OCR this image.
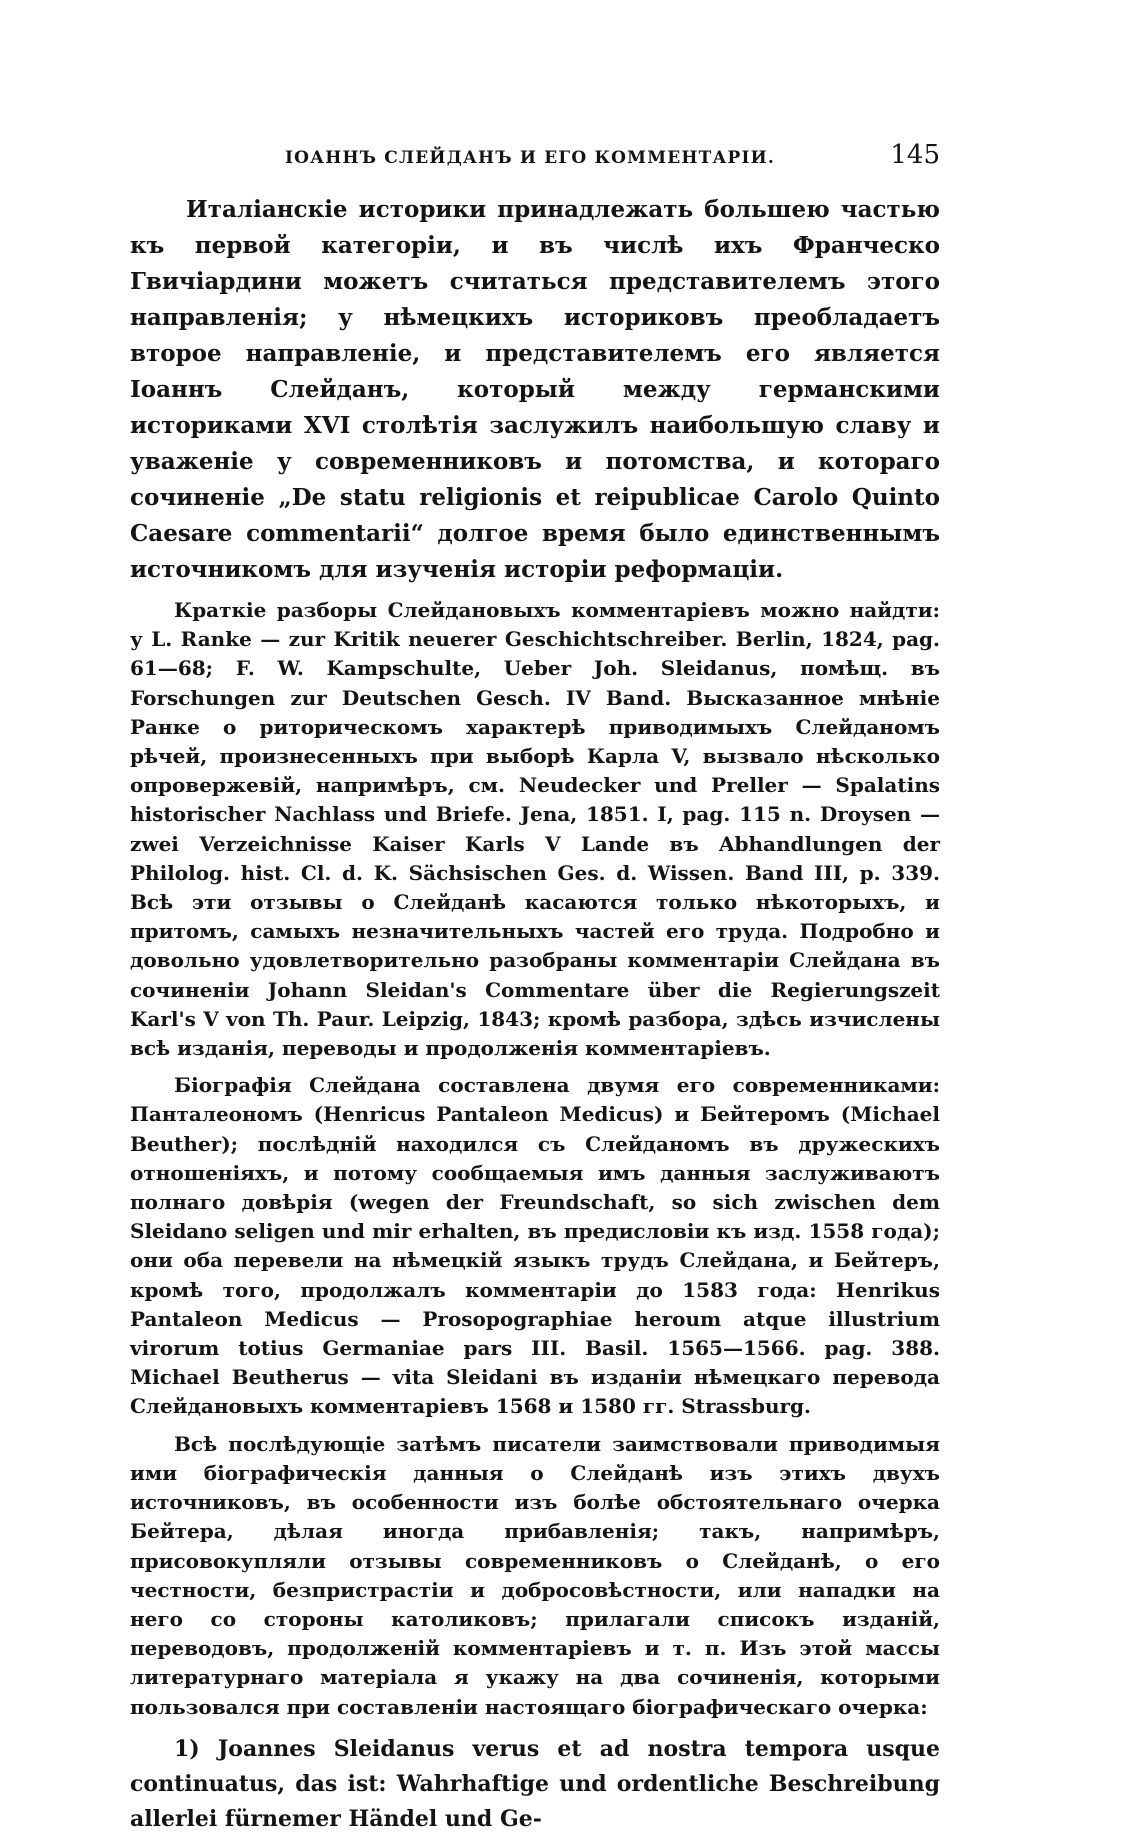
IОАННЪ СЛЕЙДАНЪ И ЕГО КОММЕНТАРІИ.	145

Италіанскіе историки принадлежать большею частью къ первой категоріи, и въ числѣ ихъ Франческо Гвичіардини можетъ считаться представителемъ этого направленія; у нѣмецкихъ историковъ преобладаетъ второе направленіе, и представителемъ его является Іоаннъ Слейданъ, который между германскими историками XVI столѣтія заслужилъ наибольшую славу и уваженіе у современниковъ и потомства, и котораго сочиненіе „De statu religionis et reipublicae Carolo Quinto Caesare commentarii“ долгое время было единственнымъ источникомъ для изученія исторіи реформаціи.

Краткіе разборы Слейдановыхъ комментаріевъ можно найдти: у L. Ranke — zur Kritik neuerer Geschichtschreiber. Berlin, 1824, pag. 61—68; F. W. Kampschulte, Ueber Joh. Sleidanus, помѣщ. въ Forschungen zur Deutschen Gesch. IV Band. Высказанное мнѣніе Ранке о риторическомъ характерѣ приводимыхъ Слейданомъ рѣчей, произнесенныхъ при выборѣ Карла V, вызвало нѣсколько опровержевій, напримѣръ, см. Neudecker und Preller — Spalatins historischer Nachlass und Briefe. Jena, 1851. I, pag. 115 n. Droysen — zwei Verzeichnisse Kaiser Karls V Lande въ Abhandlungen der Philolog. hist. Cl. d. K. Sächsischen Ges. d. Wissen. Band III, p. 339. Всѣ эти отзывы о Слейданѣ касаются только нѣкоторыхъ, и притомъ, самыхъ незначительныхъ частей его труда. Подробно и довольно удовлетворительно разобраны комментаріи Слейдана въ сочиненіи Johann Sleidan's Commentare über die Regierungszeit Karl's V von Th. Paur. Leipzig, 1843; кромѣ разбора, здѣсь изчислены всѣ изданія, переводы и продолженія комментаріевъ.

Біографія Слейдана составлена двумя его современниками: Панталеономъ (Henricus Pantaleon Medicus) и Бейтеромъ (Michael Beuther); послѣдній находился съ Слейданомъ въ дружескихъ отношеніяхъ, и потому сообщаемыя имъ данныя заслуживаютъ полнаго довѣрія (wegen der Freundschaft, so sich zwischen dem Sleidano seligen und mir erhalten, въ предисловіи къ изд. 1558 года); они оба перевели на нѣмецкій языкъ трудъ Слейдана, и Бейтеръ, кромѣ того, продолжалъ комментаріи до 1583 года: Henrikus Pantaleon Medicus — Prosopographiae heroum atque illustrium virorum totius Germaniae pars III. Basil. 1565—1566. pag. 388. Michael Beutherus — vita Sleidani въ изданіи нѣмецкаго перевода Слейдановыхъ комментаріевъ 1568 и 1580 гг. Strassburg.

Всѣ послѣдующіе затѣмъ писатели заимствовали приводимыя ими біографическія данныя о Слейданѣ изъ этихъ двухъ источниковъ, въ особенности изъ болѣе обстоятельнаго очерка Бейтера, дѣлая иногда прибавленія; такъ, напримѣръ, присовокупляли отзывы современниковъ о Слейданѣ, о его честности, безпристрастіи и добросовѣстности, или нападки на него со стороны католиковъ; прилагали списокъ изданій, переводовъ, продолженій комментаріевъ и т. п. Изъ этой массы литературнаго матеріала я укажу на два сочиненія, которыми пользовался при составленіи настоящаго біографическаго очерка:

1) Joannes Sleidanus verus et ad nostra tempora usque continuatus, das ist: Wahrhaftige und ordentliche Beschreibung allerlei fürnemer Händel und Ge-
